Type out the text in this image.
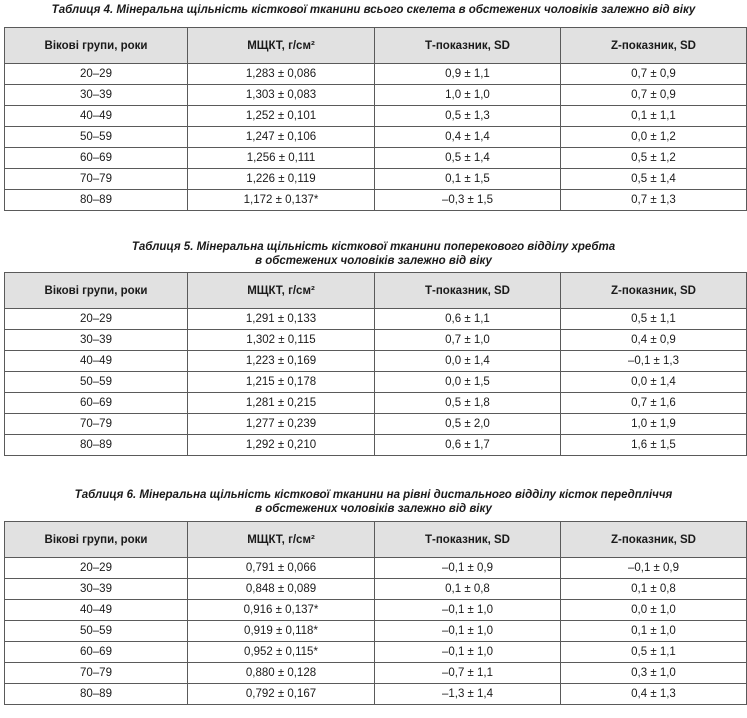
Таблиця 4. Мінеральна щільність кісткової тканини всього скелета в обстежених чоловіків залежно від віку
Вікові групи, роки	МЩКТ, г/см²	Т-показник, SD	Z-показник, SD
20–29	1,283 ± 0,086	0,9 ± 1,1	0,7 ± 0,9
30–39	1,303 ± 0,083	1,0 ± 1,0	0,7 ± 0,9
40–49	1,252 ± 0,101	0,5 ± 1,3	0,1 ± 1,1
50–59	1,247 ± 0,106	0,4 ± 1,4	0,0 ± 1,2
60–69	1,256 ± 0,111	0,5 ± 1,4	0,5 ± 1,2
70–79	1,226 ± 0,119	0,1 ± 1,5	0,5 ± 1,4
80–89	1,172 ± 0,137*	–0,3 ± 1,5	0,7 ± 1,3
Таблиця 5. Мінеральна щільність кісткової тканини поперекового відділу хребта
в обстежених чоловіків залежно від віку
Вікові групи, роки	МЩКТ, г/см²	Т-показник, SD	Z-показник, SD
20–29	1,291 ± 0,133	0,6 ± 1,1	0,5 ± 1,1
30–39	1,302 ± 0,115	0,7 ± 1,0	0,4 ± 0,9
40–49	1,223 ± 0,169	0,0 ± 1,4	–0,1 ± 1,3
50–59	1,215 ± 0,178	0,0 ± 1,5	0,0 ± 1,4
60–69	1,281 ± 0,215	0,5 ± 1,8	0,7 ± 1,6
70–79	1,277 ± 0,239	0,5 ± 2,0	1,0 ± 1,9
80–89	1,292 ± 0,210	0,6 ± 1,7	1,6 ± 1,5
Таблиця 6. Мінеральна щільність кісткової тканини на рівні дистального відділу кісток передпліччя
в обстежених чоловіків залежно від віку
Вікові групи, роки	МЩКТ, г/см²	Т-показник, SD	Z-показник, SD
20–29	0,791 ± 0,066	–0,1 ± 0,9	–0,1 ± 0,9
30–39	0,848 ± 0,089	0,1 ± 0,8	0,1 ± 0,8
40–49	0,916 ± 0,137*	–0,1 ± 1,0	0,0 ± 1,0
50–59	0,919 ± 0,118*	–0,1 ± 1,0	0,1 ± 1,0
60–69	0,952 ± 0,115*	–0,1 ± 1,0	0,5 ± 1,1
70–79	0,880 ± 0,128	–0,7 ± 1,1	0,3 ± 1,0
80–89	0,792 ± 0,167	–1,3 ± 1,4	0,4 ± 1,3
